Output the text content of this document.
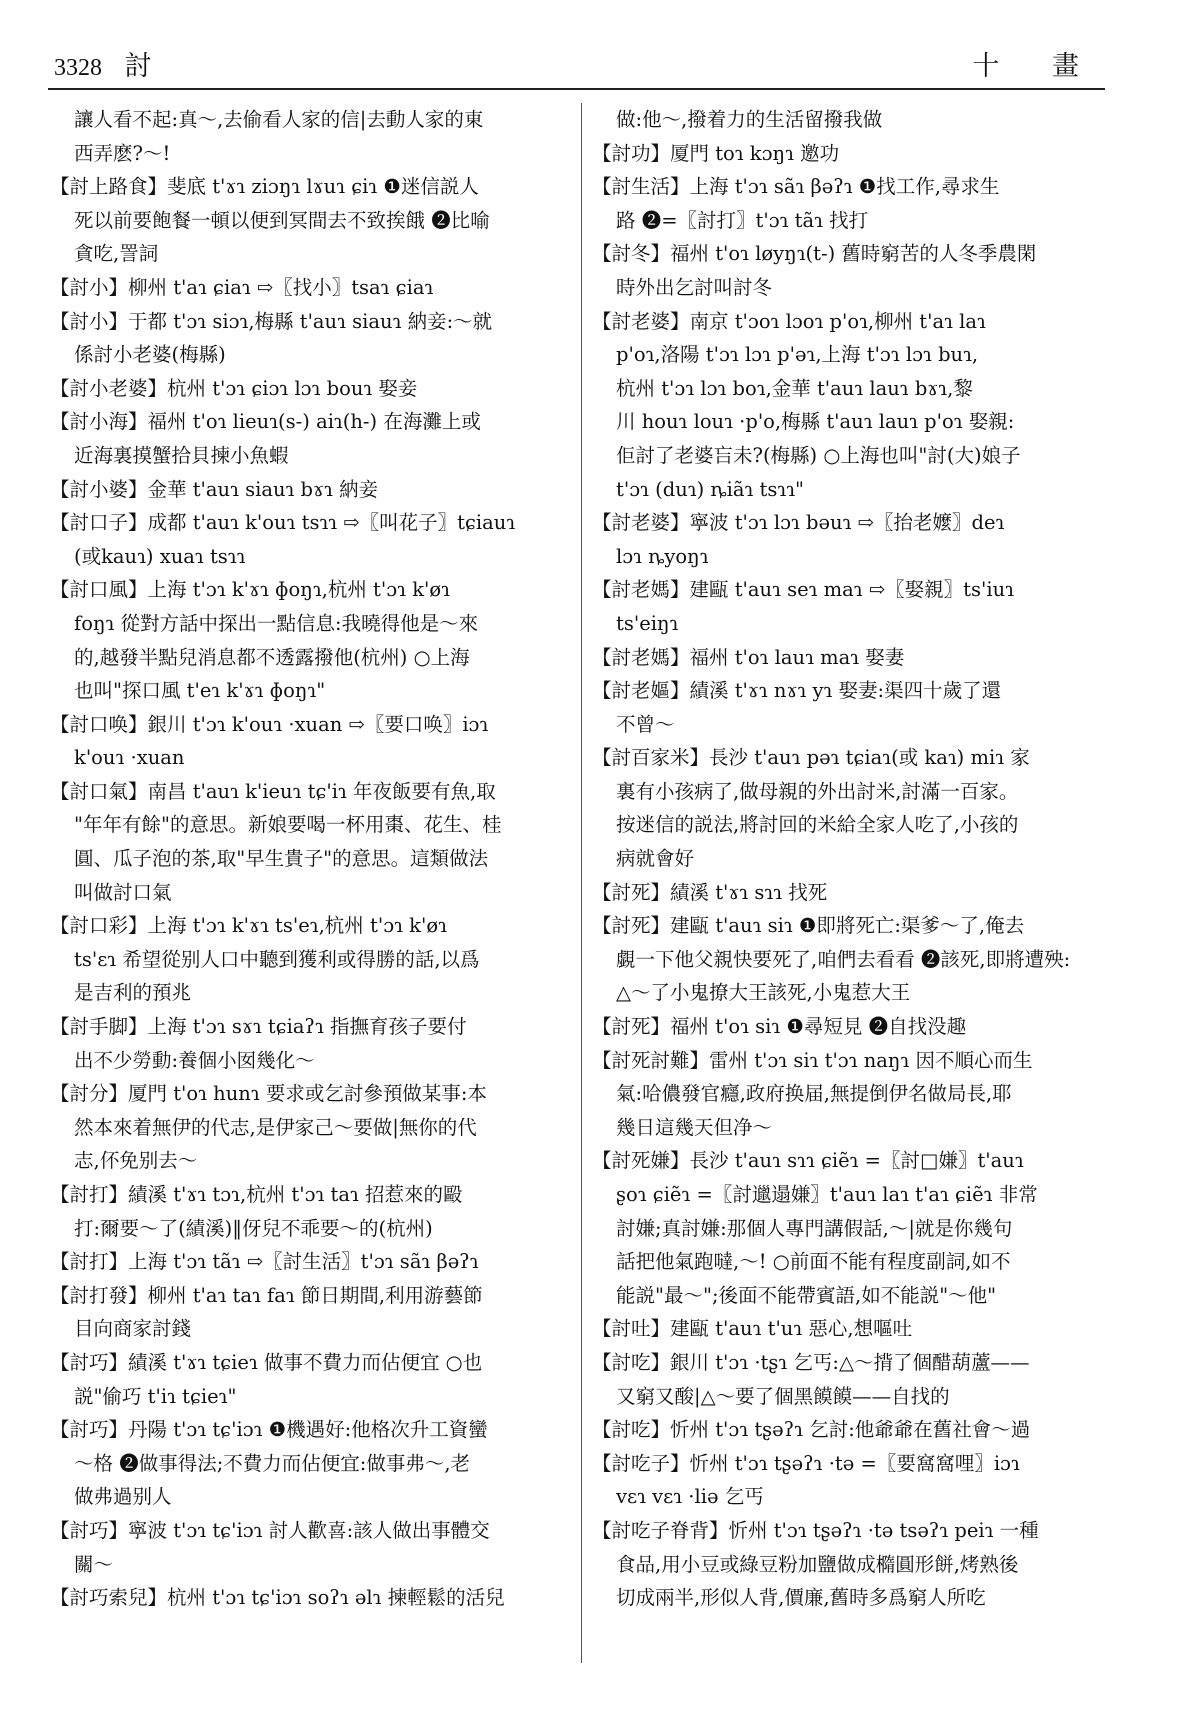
3328 討	十 畫
讓人看不起:真～,去偷看人家的信|去動人家的東
西弄麽?～!
【討上路食】斐底 t'ɤɿ ziɔŋɿ lɤuɿ ɕiɿ ❶迷信説人
死以前要飽餐一頓以便到冥間去不致挨餓 ❷比喻
貪吃,詈詞
【討小】柳州 t'aɿ ɕiaɿ ⇨〖找小〗tsaɿ ɕiaɿ
【討小】于都 t'ɔɿ siɔɿ,梅縣 t'auɿ siauɿ 納妾:～就
係討小老婆(梅縣)
【討小老婆】杭州 t'ɔɿ ɕiɔɿ lɔɿ bouɿ 娶妾
【討小海】福州 t'oɿ lieuɿ(s-) aiɿ(h-) 在海灘上或
近海裏摸蟹拾貝揀小魚蝦
【討小婆】金華 t'auɿ siauɿ bɤɿ 納妾
【討口子】成都 t'auɿ k'ouɿ tsɿɿ ⇨〖叫花子〗tɕiauɿ
(或kauɿ) xuaɿ tsɿɿ
【討口風】上海 t'ɔɿ k'ɤɿ ɸoŋɿ,杭州 t'ɔɿ k'øɿ
foŋɿ 從對方話中探出一點信息:我曉得他是～來
的,越發半點兒消息都不透露撥他(杭州) ○上海
也叫"探口風 t'eɿ k'ɤɿ ɸoŋɿ"
【討口唤】銀川 t'ɔɿ k'ouɿ ·xuan ⇨〖要口唤〗iɔɿ
k'ouɿ ·xuan
【討口氣】南昌 t'auɿ k'ieuɿ tɕ'iɿ 年夜飯要有魚,取
"年年有餘"的意思。新娘要喝一杯用棗、花生、桂
圓、瓜子泡的茶,取"早生貴子"的意思。這類做法
叫做討口氣
【討口彩】上海 t'ɔɿ k'ɤɿ ts'eɿ,杭州 t'ɔɿ k'øɿ
ts'ɛɿ 希望從别人口中聽到獲利或得勝的話,以爲
是吉利的預兆
【討手脚】上海 t'ɔɿ sɤɿ tɕiaʔɿ 指撫育孩子要付
出不少勞動:養個小囡幾化～
【討分】厦門 t'oɿ hunɿ 要求或乞討參預做某事:本
然本來着無伊的代志,是伊家己～要做|無你的代
志,伓免别去～
【討打】績溪 t'ɤɿ tɔɿ,杭州 t'ɔɿ taɿ 招惹來的毆
打:爾要～了(績溪)‖伢兒不乖要～的(杭州)
【討打】上海 t'ɔɿ tãɿ ⇨〖討生活〗t'ɔɿ sãɿ βəʔɿ
【討打發】柳州 t'aɿ taɿ faɿ 節日期間,利用游藝節
目向商家討錢
【討巧】績溪 t'ɤɿ tɕieɿ 做事不費力而佔便宜 ○也
説"偷巧 t'iɿ tɕieɿ"
【討巧】丹陽 t'ɔɿ tɕ'iɔɿ ❶機遇好:他格次升工資蠻
～格 ❷做事得法;不費力而佔便宜:做事弗～,老
做弗過别人
【討巧】寧波 t'ɔɿ tɕ'iɔɿ 討人歡喜:該人做出事體交
關～
【討巧索兒】杭州 t'ɔɿ tɕ'iɔɿ soʔɿ əlɿ 揀輕鬆的活兒
做:他～,撥着力的生活留撥我做
【討功】厦門 toɿ kɔŋɿ 邀功
【討生活】上海 t'ɔɿ sãɿ βəʔɿ ❶找工作,尋求生
路 ❷=〖討打〗t'ɔɿ tãɿ 找打
【討冬】福州 t'oɿ løyŋɿ(t-) 舊時窮苦的人冬季農閑
時外出乞討叫討冬
【討老婆】南京 t'ɔoɿ lɔoɿ p'oɿ,柳州 t'aɿ laɿ
p'oɿ,洛陽 t'ɔɿ lɔɿ p'əɿ,上海 t'ɔɿ lɔɿ buɿ,
杭州 t'ɔɿ lɔɿ boɿ,金華 t'auɿ lauɿ bɤɿ,黎
川 houɿ louɿ ·p'o,梅縣 t'auɿ lauɿ p'oɿ 娶親:
佢討了老婆吂未?(梅縣) ○上海也叫"討(大)娘子
t'ɔɿ (duɿ) ȵiãɿ tsɿɿ"
【討老婆】寧波 t'ɔɿ lɔɿ bəuɿ ⇨〖抬老嬤〗deɿ
lɔɿ ȵyoŋɿ
【討老媽】建甌 t'auɿ seɿ maɿ ⇨〖娶親〗ts'iuɿ
ts'eiŋɿ
【討老媽】福州 t'oɿ lauɿ maɿ 娶妻
【討老嫗】績溪 t'ɤɿ nɤɿ yɿ 娶妻:渠四十歲了還
不曾～
【討百家米】長沙 t'auɿ pəɿ tɕiaɿ(或 kaɿ) miɿ 家
裏有小孩病了,做母親的外出討米,討滿一百家。
按迷信的説法,將討回的米給全家人吃了,小孩的
病就會好
【討死】績溪 t'ɤɿ sɿɿ 找死
【討死】建甌 t'auɿ siɿ ❶即將死亡:渠爹～了,俺去
覷一下他父親快要死了,咱們去看看 ❷該死,即將遭殃:
△～了小鬼撩大王該死,小鬼惹大王
【討死】福州 t'oɿ siɿ ❶尋短見 ❷自找没趣
【討死討難】雷州 t'ɔɿ siɿ t'ɔɿ naŋɿ 因不順心而生
氣:哈儂發官癮,政府换届,無提倒伊名做局長,耶
幾日這幾天但净～
【討死嫌】長沙 t'auɿ sɿɿ ɕiẽɿ =〖討□嫌〗t'auɿ
ʂoɿ ɕiẽɿ =〖討邋遢嫌〗t'auɿ laɿ t'aɿ ɕiẽɿ 非常
討嫌;真討嫌:那個人專門講假話,～|就是你幾句
話把他氣跑噠,～! ○前面不能有程度副詞,如不
能説"最～";後面不能帶賓語,如不能説"～他"
【討吐】建甌 t'auɿ t'uɿ 惡心,想嘔吐
【討吃】銀川 t'ɔɿ ·tʂɿ 乞丐:△～揹了個醋葫蘆——
又窮又酸|△～要了個黑饃饃——自找的
【討吃】忻州 t'ɔɿ tʂəʔɿ 乞討:他爺爺在舊社會～過
【討吃子】忻州 t'ɔɿ tʂəʔɿ ·tə =〖要窩窩哩〗iɔɿ
vɛɿ vɛɿ ·liə 乞丐
【討吃子脊背】忻州 t'ɔɿ tʂəʔɿ ·tə tsəʔɿ peiɿ 一種
食品,用小豆或綠豆粉加鹽做成橢圓形餅,烤熟後
切成兩半,形似人背,價廉,舊時多爲窮人所吃
